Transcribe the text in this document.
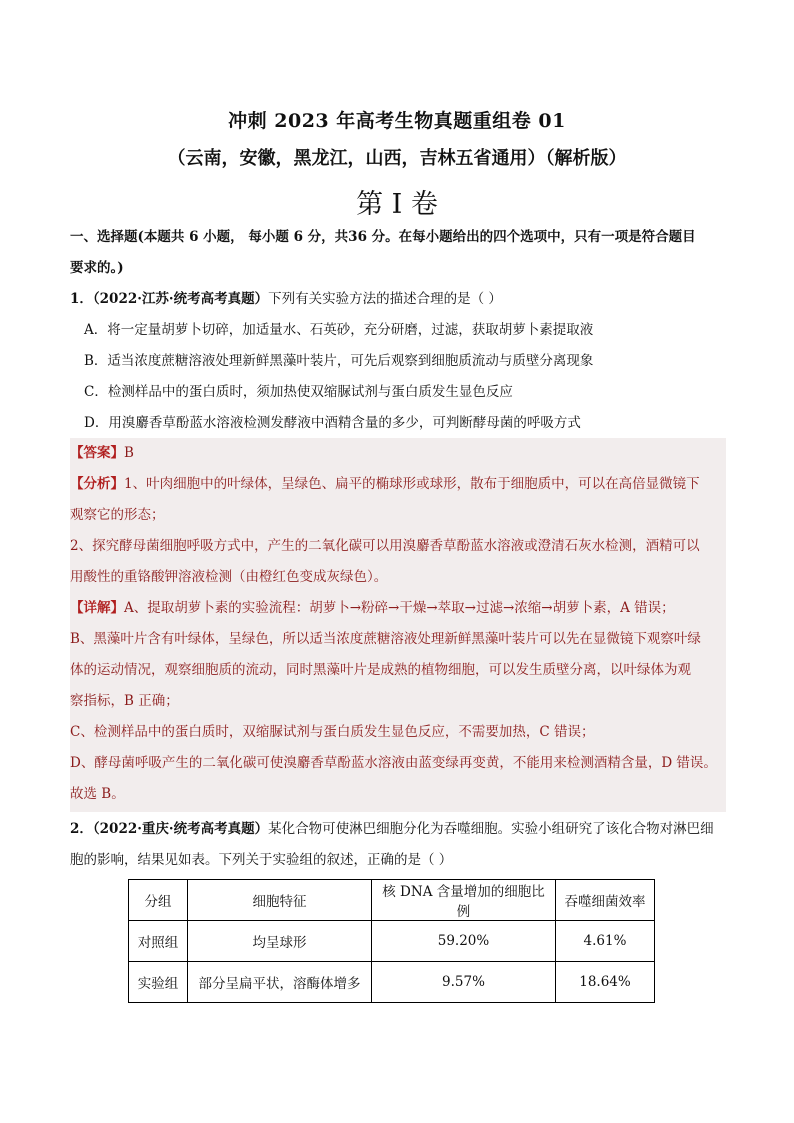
冲刺 2023 年高考生物真题重组卷 01
（云南，安徽，黑龙江，山西，吉林五省通用）（解析版）
第 I 卷
一、选择题(本题共 6 小题， 每小题 6 分，共36 分。在每小题给出的四个选项中，只有一项是符合题目
要求的。)
1．（2022·江苏·统考高考真题）下列有关实验方法的描述合理的是（ ）
A．将一定量胡萝卜切碎，加适量水、石英砂，充分研磨，过滤，获取胡萝卜素提取液
B．适当浓度蔗糖溶液处理新鲜黑藻叶装片，可先后观察到细胞质流动与质壁分离现象
C．检测样品中的蛋白质时，须加热使双缩脲试剂与蛋白质发生显色反应
D．用溴麝香草酚蓝水溶液检测发酵液中酒精含量的多少，可判断酵母菌的呼吸方式
【答案】B
【分析】1、叶肉细胞中的叶绿体，呈绿色、扁平的椭球形或球形，散布于细胞质中，可以在高倍显微镜下
观察它的形态；
2、探究酵母菌细胞呼吸方式中，产生的二氧化碳可以用溴麝香草酚蓝水溶液或澄清石灰水检测，酒精可以
用酸性的重铬酸钾溶液检测（由橙红色变成灰绿色）。
【详解】A、提取胡萝卜素的实验流程：胡萝卜→粉碎→干燥→萃取→过滤→浓缩→胡萝卜素，A 错误；
B、黑藻叶片含有叶绿体，呈绿色，所以适当浓度蔗糖溶液处理新鲜黑藻叶装片可以先在显微镜下观察叶绿
体的运动情况，观察细胞质的流动，同时黑藻叶片是成熟的植物细胞，可以发生质壁分离，以叶绿体为观
察指标，B 正确；
C、检测样品中的蛋白质时，双缩脲试剂与蛋白质发生显色反应，不需要加热，C 错误；
D、酵母菌呼吸产生的二氧化碳可使溴麝香草酚蓝水溶液由蓝变绿再变黄，不能用来检测酒精含量，D 错误。
故选 B。
2．（2022·重庆·统考高考真题）某化合物可使淋巴细胞分化为吞噬细胞。实验小组研究了该化合物对淋巴细
胞的影响，结果见如表。下列关于实验组的叙述，正确的是（ ）
分组	细胞特征	核 DNA 含量增加的细胞比例	吞噬细菌效率
对照组	均呈球形	59.20%	4.61%
实验组	部分呈扁平状，溶酶体增多	9.57%	18.64%
